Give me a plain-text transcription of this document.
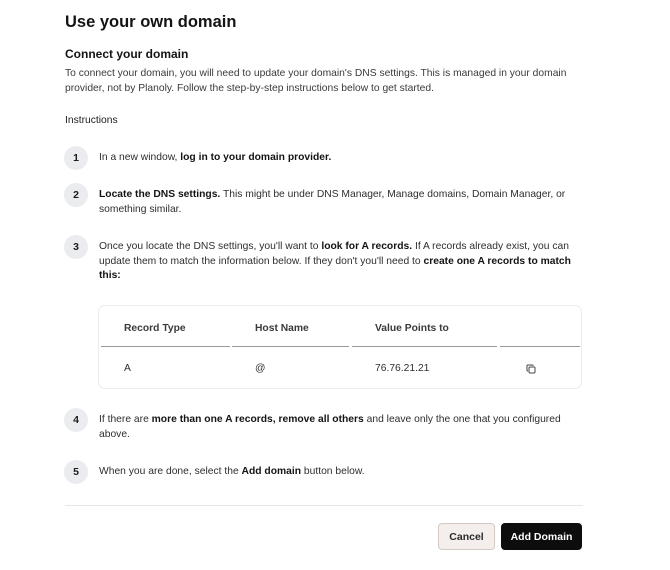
Use your own domain
Connect your domain
To connect your domain, you will need to update your domain's DNS settings. This is managed in your domain provider, not by Planoly. Follow the step-by-step instructions below to get started.
Instructions
1	In a new window, log in to your domain provider.
2	Locate the DNS settings. This might be under DNS Manager, Manage domains, Domain Manager, or something similar.
3	Once you locate the DNS settings, you'll want to look for A records. If A records already exist, you can update them to match the information below. If they don't you'll need to create one A records to match this:
Record Type	Host Name	Value Points to
A	@	76.76.21.21
4	If there are more than one A records, remove all others and leave only the one that you configured above.
5	When you are done, select the Add domain button below.
Cancel	Add Domain
